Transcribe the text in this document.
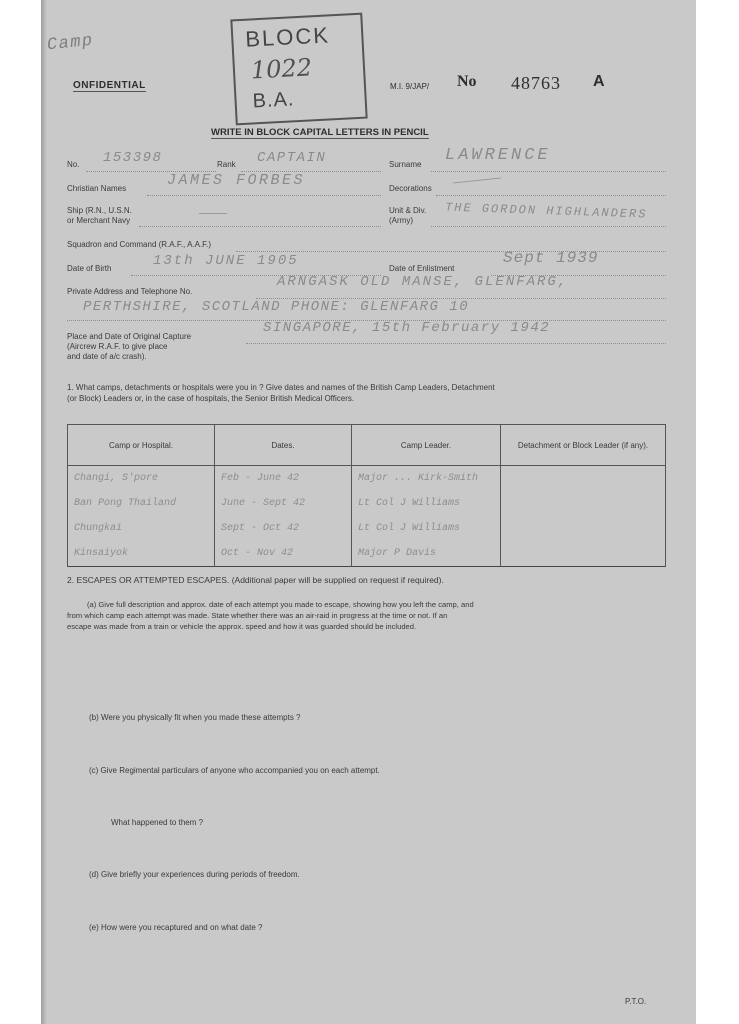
Camp
ONFIDENTIAL
BLOCK
1022
B.A.
M.I. 9/JAP/ No 48763 A
WRITE IN BLOCK CAPITAL LETTERS IN PENCIL
No. 153398	Rank CAPTAIN	Surname LAWRENCE
Christian Names	JAMES FORBES	Decorations
Ship (R.N., U.S.N.
or Merchant Navy
Unit & Div.
(Army)	THE GORDON HIGHLANDERS
Squadron and Command (R.A.F., A.A.F.)
Date of Birth	13th JUNE 1905	Date of Enlistment
Sept 1939
Private Address and Telephone No.
ARNGASK OLD MANSE, GLENFARG,
PERTHSHIRE, SCOTLAND PHONE: GLENFARG 10
Place and Date of Original Capture
(Aircrew R.A.F. to give place
and date of a/c crash).
SINGAPORE, 15th February 1942
1. What camps, detachments or hospitals were you in ? Give dates and names of the British Camp Leaders, Detachment
(or Block) Leaders or, in the case of hospitals, the Senior British Medical Officers.
Camp or Hospital.	Dates.	Camp Leader.	Detachment or Block Leader (if any).
Changi, S'pore	Feb - June 42	Major ... Kirk-Smith	
Ban Pong Thailand	June - Sept 42	Lt Col J Williams	
Chungkai	Sept - Oct 42	Lt Col J Williams	
Kinsaiyok	Oct - Nov 42	Major P Davis	
2. ESCAPES OR ATTEMPTED ESCAPES. (Additional paper will be supplied on request if required).
(a) Give full description and approx. date of each attempt you made to escape, showing how you left the camp, and
from which camp each attempt was made. State whether there was an air-raid in progress at the time or not. If an
escape was made from a train or vehicle the approx. speed and how it was guarded should be included.
(b) Were you physically fit when you made these attempts ?
(c) Give Regimental particulars of anyone who accompanied you on each attempt.
What happened to them ?
(d) Give briefly your experiences during periods of freedom.
(e) How were you recaptured and on what date ?
P.T.O.
